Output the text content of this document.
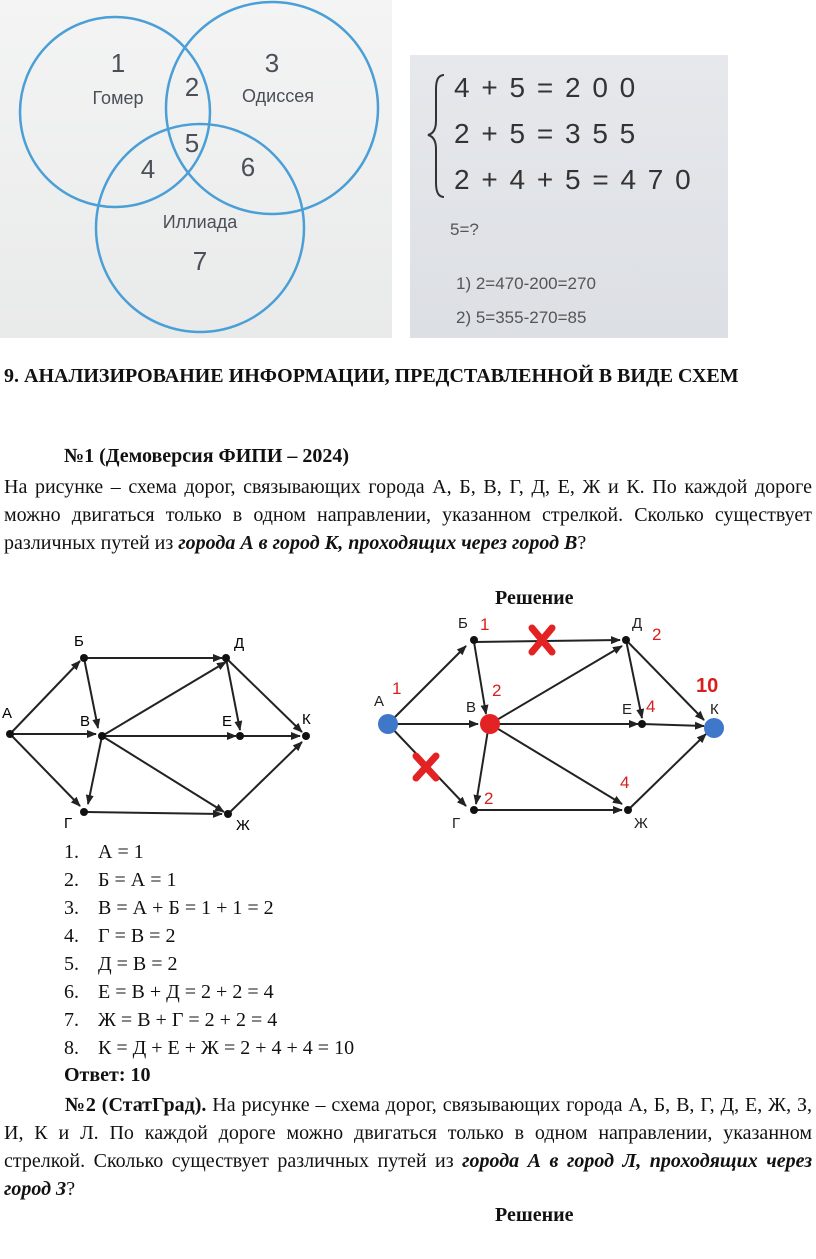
1
Гомер 2
3
Одиссея
5
4	6
Иллиада
7
4 + 5 = 2 0 0
2 + 5 = 3 5 5
2 + 4 + 5 = 4 7 0
5=?
1) 2=470-200=270
2) 5=355-270=85
9. АНАЛИЗИРОВАНИЕ ИНФОРМАЦИИ, ПРЕДСТАВЛЕННОЙ В ВИДЕ СХЕМ
№1 (Демоверсия ФИПИ – 2024)
На рисунке – схема дорог, связывающих города А, Б, В, Г, Д, Е, Ж и К. По каждой дороге можно двигаться только в одном направлении, указанном стрелкой. Сколько существует различных путей из города А в город К, проходящих через город В?
Решение
А
Б
В
Г
Д
Е
Ж
К
Б 1
А
1
В
2
Г
2
Д
2
Е 4
Ж
4
К
10
1. А = 1
2. Б = А = 1
3. В = А + Б = 1 + 1 = 2
4. Г = В = 2
5. Д = В = 2
6. Е = В + Д = 2 + 2 = 4
7. Ж = В + Г = 2 + 2 = 4
8. К = Д + Е + Ж = 2 + 4 + 4 = 10
Ответ: 10
№2 (СтатГрад). На рисунке – схема дорог, связывающих города А, Б, В, Г, Д, Е, Ж, З, И, К и Л. По каждой дороге можно двигаться только в одном направлении, указанном стрелкой. Сколько существует различных путей из города А в город Л, проходящих через город З?
Решение
